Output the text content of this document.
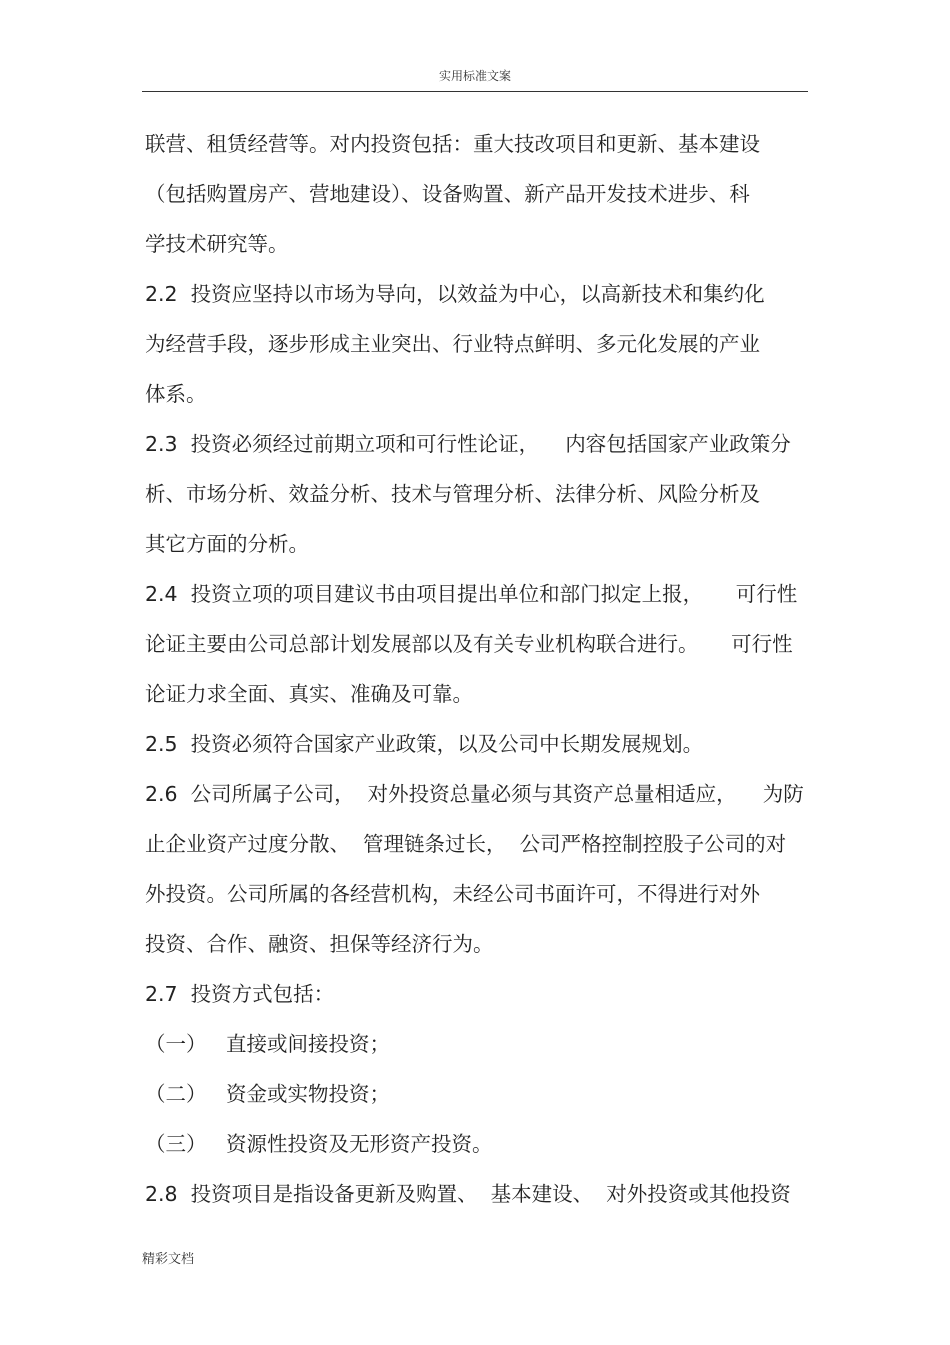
实用标准文案
联营、租赁经营等。对内投资包括：重大技改项目和更新、基本建设
（包括购置房产、营地建设）、设备购置、新产品开发技术进步、科
学技术研究等。
2.2  投资应坚持以市场为导向，以效益为中心，以高新技术和集约化
为经营手段，逐步形成主业突出、行业特点鲜明、多元化发展的产业
体系。
2.3  投资必须经过前期立项和可行性论证，    内容包括国家产业政策分
析、市场分析、效益分析、技术与管理分析、法律分析、风险分析及
其它方面的分析。
2.4  投资立项的项目建议书由项目提出单位和部门拟定上报，     可行性
论证主要由公司总部计划发展部以及有关专业机构联合进行。     可行性
论证力求全面、真实、准确及可靠。
2.5  投资必须符合国家产业政策，以及公司中长期发展规划。
2.6  公司所属子公司，  对外投资总量必须与其资产总量相适应，    为防
止企业资产过度分散、  管理链条过长，  公司严格控制控股子公司的对
外投资。公司所属的各经营机构，未经公司书面许可，不得进行对外
投资、合作、融资、担保等经济行为。
2.7  投资方式包括：
（一）   直接或间接投资；
（二）   资金或实物投资；
（三）   资源性投资及无形资产投资。
2.8  投资项目是指设备更新及购置、  基本建设、  对外投资或其他投资
精彩文档
